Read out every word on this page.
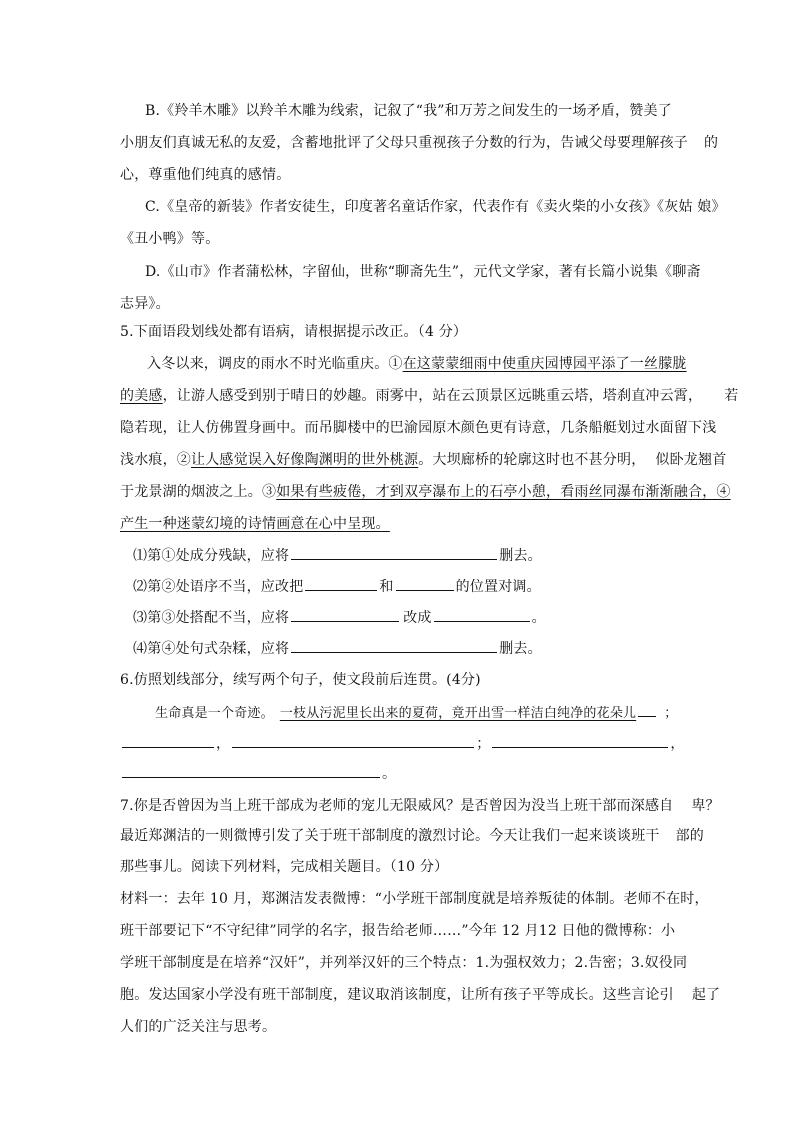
B.《羚羊木雕》以羚羊木雕为线索，记叙了“我”和万芳之间发生的一场矛盾，赞美了
小朋友们真诚无私的友爱，含蓄地批评了父母只重视孩子分数的行为，告诫父母要理解孩子 的
心，尊重他们纯真的感情。
C.《皇帝的新装》作者安徒生，印度著名童话作家，代表作有《卖火柴的小女孩》《灰姑 娘》
《丑小鸭》等。
D.《山市》作者蒲松林，字留仙，世称“聊斋先生”，元代文学家，著有长篇小说集《聊斋
志异》。
5.下面语段划线处都有语病，请根据提示改正。（4 分）
入冬以来，调皮的雨水不时光临重庆。①在这蒙蒙细雨中使重庆园博园平添了一丝朦胧
的美感，让游人感受到别于晴日的妙趣。雨雾中，站在云顶景区远眺重云塔，塔刹直冲云霄， 若
隐若现，让人仿佛置身画中。而吊脚楼中的巴渝园原木颜色更有诗意，几条船艇划过水面留下浅
浅水痕，②让人感觉误入好像陶渊明的世外桃源。大坝廊桥的轮廓这时也不甚分明， 似卧龙翘首
于龙景湖的烟波之上。③如果有些疲倦，才到双亭瀑布上的石亭小憩，看雨丝同瀑布渐渐融合，④
产生一种迷蒙幻境的诗情画意在心中呈现。
⑴第①处成分残缺，应将	删去。
⑵第②处语序不当，应改把	和	的位置对调。
⑶第③处搭配不当，应将	改成	。
⑷第④处句式杂糅，应将	删去。
6.仿照划线部分，续写两个句子，使文段前后连贯。(4分)
生命真是一个奇迹。 一枝从污泥里长出来的夏荷，竟开出雪一样洁白纯净的花朵儿 ；
，	；	，
。
7.你是否曾因为当上班干部成为老师的宠儿无限威风？是否曾因为没当上班干部而深感自 卑？
最近郑渊洁的一则微博引发了关于班干部制度的激烈讨论。今天让我们一起来谈谈班干 部的
那些事儿。阅读下列材料，完成相关题目。（10 分）
材料一：去年 10 月，郑渊洁发表微博：“小学班干部制度就是培养叛徒的体制。老师不在时，
班干部要记下“不守纪律”同学的名字，报告给老师……”今年 12 月12 日他的微博称：小
学班干部制度是在培养“汉奸”，并列举汉奸的三个特点：1.为强权效力；2.告密；3.奴役同
胞。发达国家小学没有班干部制度，建议取消该制度，让所有孩子平等成长。这些言论引 起了
人们的广泛关注与思考。
